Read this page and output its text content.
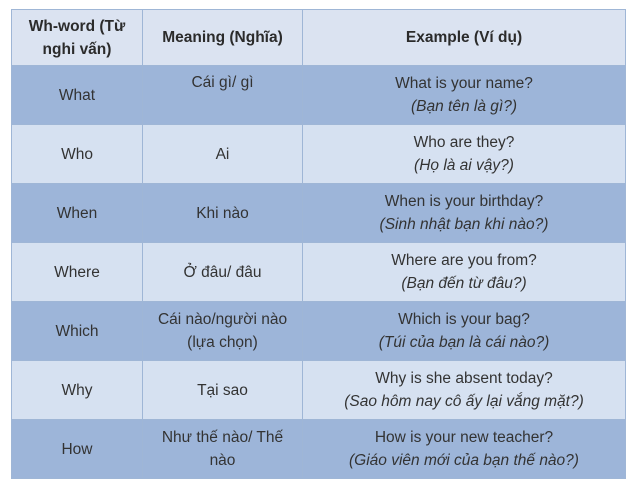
Wh-word (Từ nghi vấn)	Meaning (Nghĩa)	Example (Ví dụ)
What	Cái gì/ gì	What is your name?
(Bạn tên là gì?)

Who	Ai	Who are they?
(Họ là ai vậy?)

When	Khi nào	When is your birthday?
(Sinh nhật bạn khi nào?)

Where	Ở đâu/ đâu	Where are you from?
(Bạn đến từ đâu?)

Which	Cái nào/người nào (lựa chọn)	Which is your bag?
(Túi của bạn là cái nào?)

Why	Tại sao	Why is she absent today?
(Sao hôm nay cô ấy lại vắng mặt?)

How	Như thế nào/ Thế nào	How is your new teacher?
(Giáo viên mới của bạn thế nào?)
